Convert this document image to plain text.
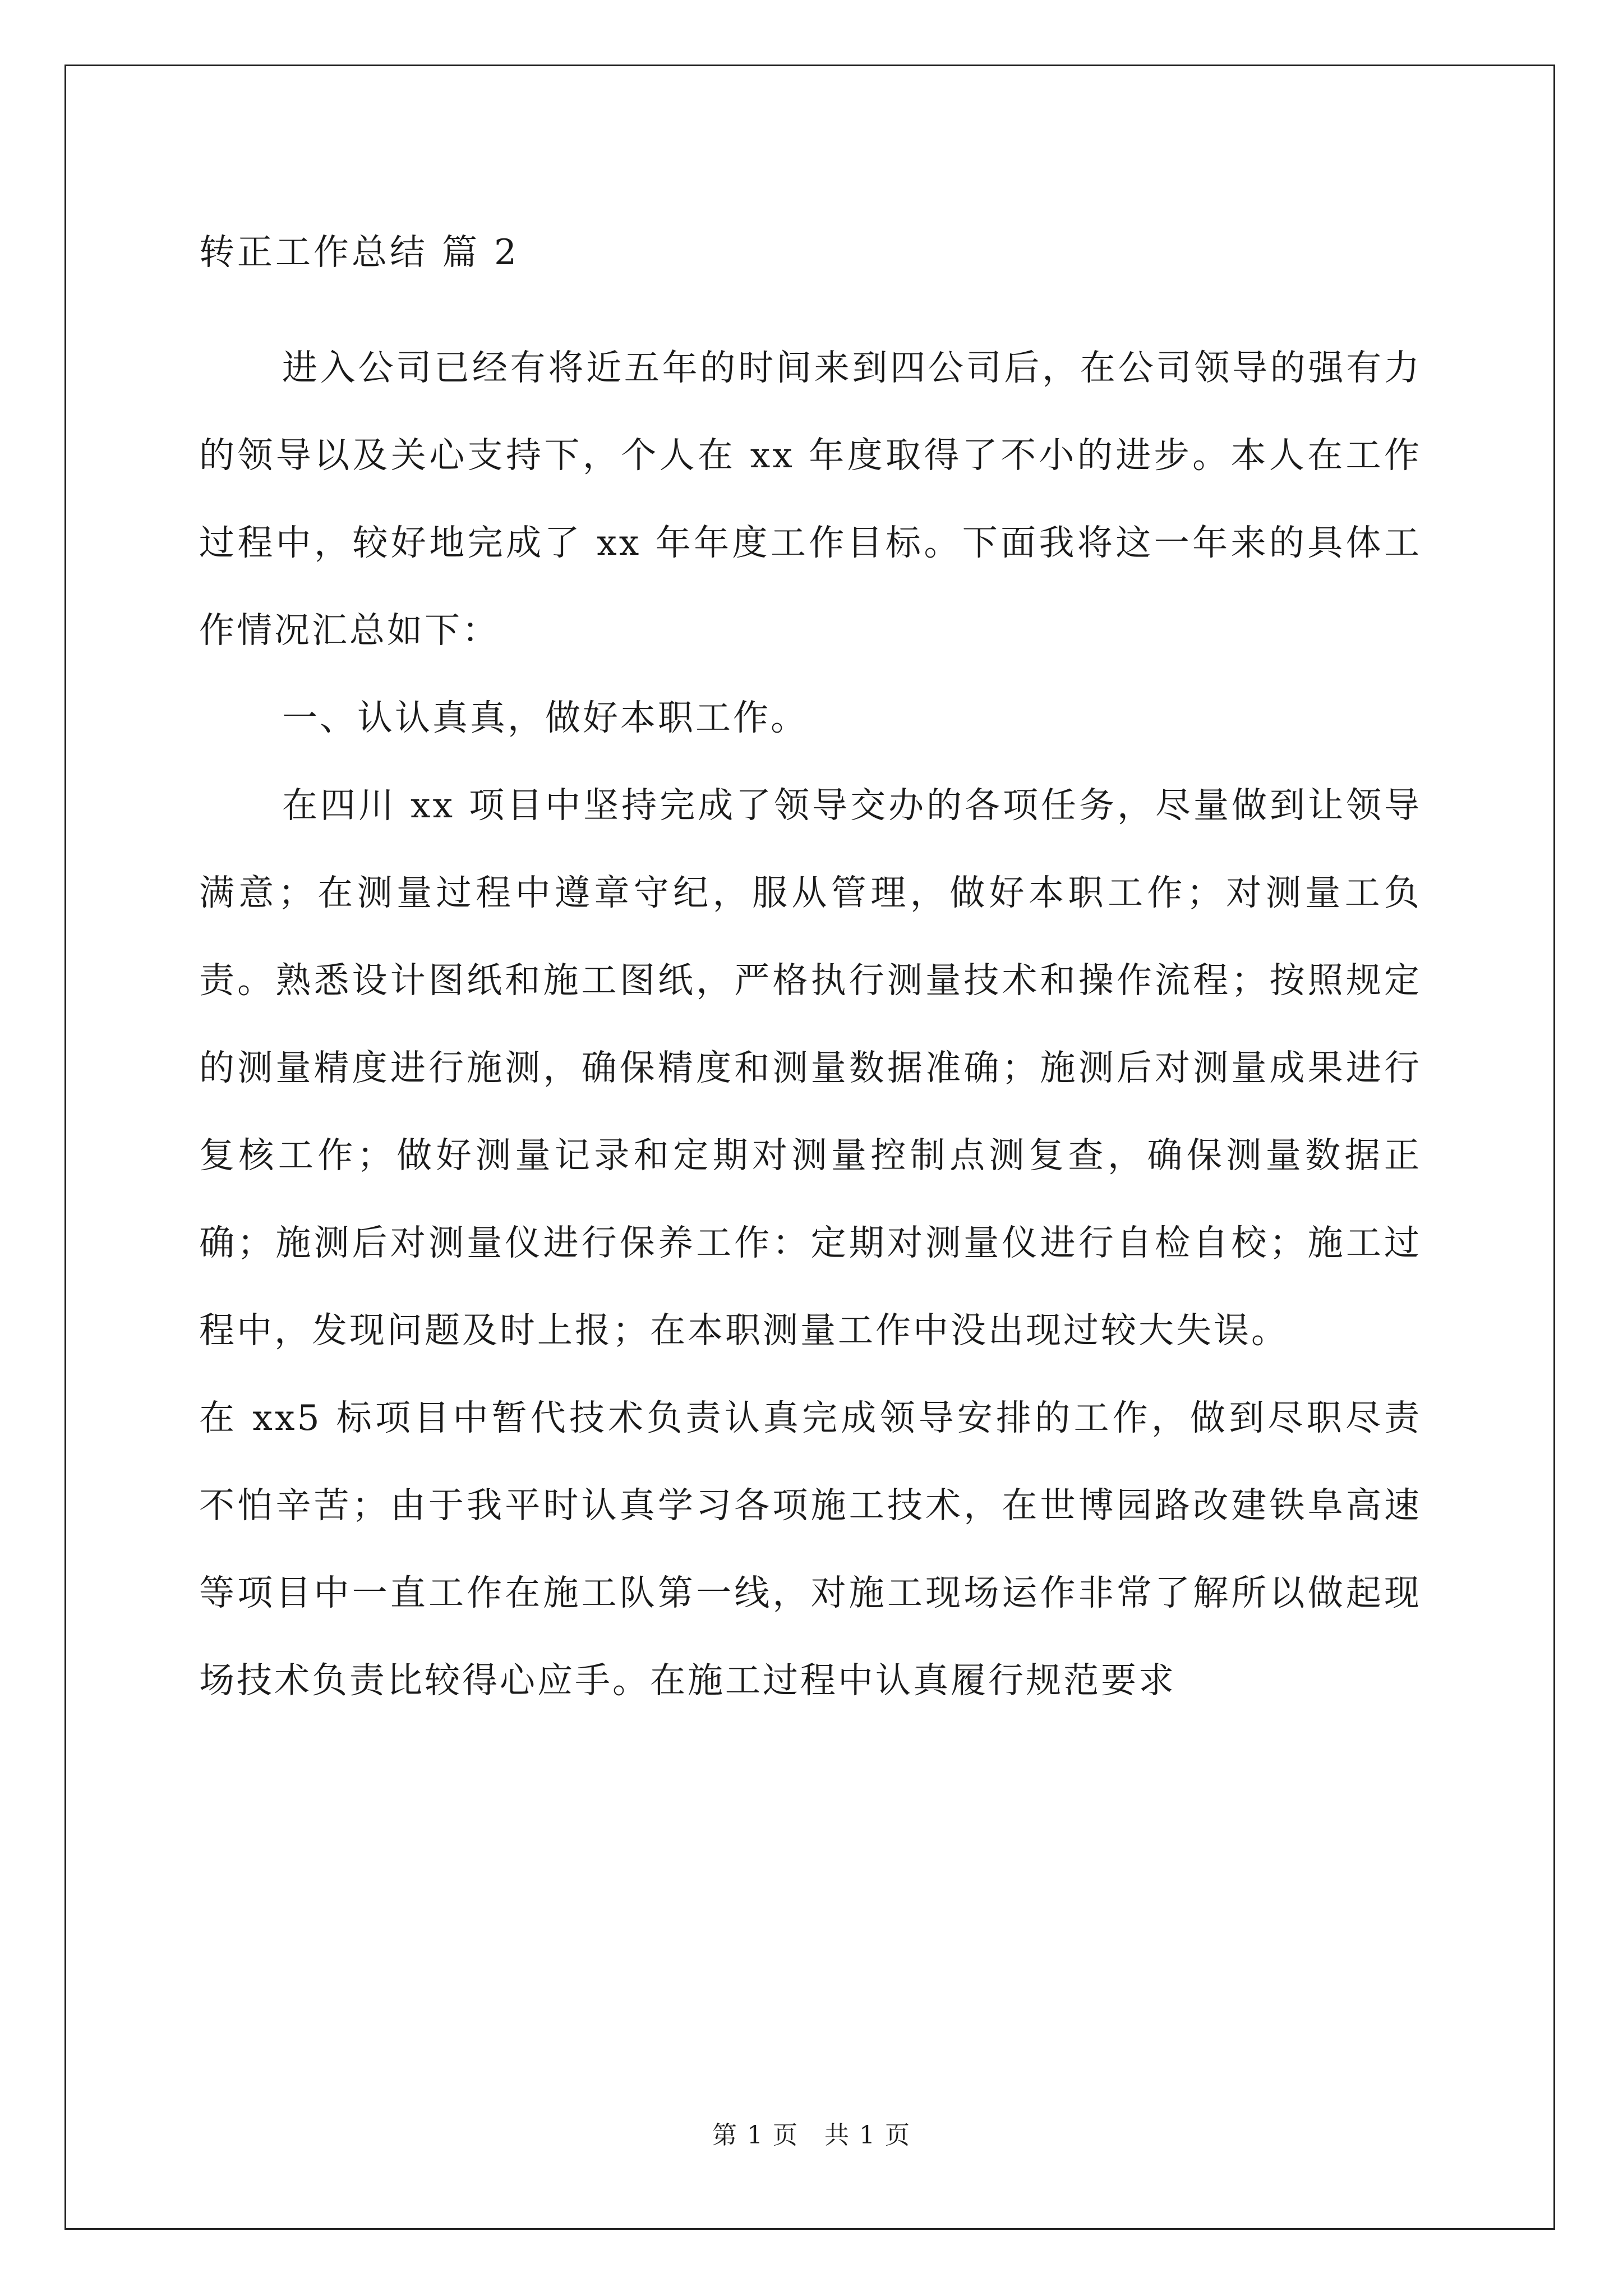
转正工作总结 篇 2

进入公司已经有将近五年的时间来到四公司后，在公司领导的强有力的领导以及关心支持下，个人在 xx 年度取得了不小的进步。本人在工作过程中，较好地完成了 xx 年年度工作目标。下面我将这一年来的具体工作情况汇总如下：

一、认认真真，做好本职工作。

在四川 xx 项目中坚持完成了领导交办的各项任务，尽量做到让领导满意；在测量过程中遵章守纪，服从管理，做好本职工作；对测量工负责。熟悉设计图纸和施工图纸，严格执行测量技术和操作流程；按照规定的测量精度进行施测，确保精度和测量数据准确；施测后对测量成果进行复核工作；做好测量记录和定期对测量控制点测复查，确保测量数据正确；施测后对测量仪进行保养工作：定期对测量仪进行自检自校；施工过程中，发现问题及时上报；在本职测量工作中没出现过较大失误。

在 xx5 标项目中暂代技术负责认真完成领导安排的工作，做到尽职尽责不怕辛苦；由于我平时认真学习各项施工技术，在世博园路改建铁阜高速等项目中一直工作在施工队第一线，对施工现场运作非常了解所以做起现场技术负责比较得心应手。在施工过程中认真履行规范要求

第 1 页　共 1 页
